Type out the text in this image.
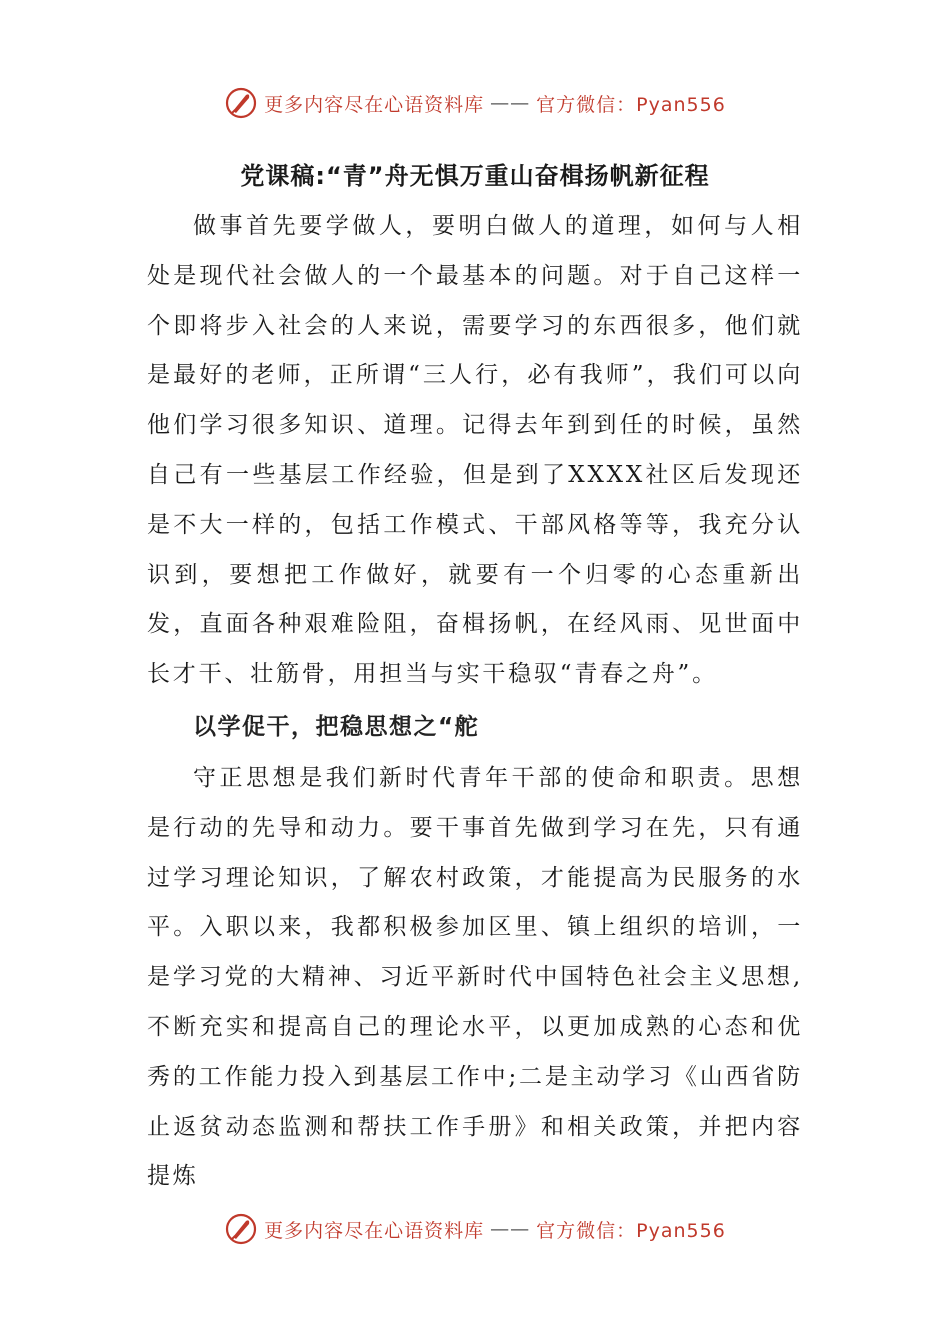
更多内容尽在心语资料库 —— 官方微信：Pyan556
党课稿:“青”舟无惧万重山奋楫扬帆新征程

做事首先要学做人，要明白做人的道理，如何与人相处是现代社会做人的一个最基本的问题。对于自己这样一个即将步入社会的人来说，需要学习的东西很多，他们就是最好的老师，正所谓“三人行，必有我师”，我们可以向他们学习很多知识、道理。记得去年到到任的时候，虽然自己有一些基层工作经验，但是到了XXXX社区后发现还是不大一样的，包括工作模式、干部风格等等，我充分认识到，要想把工作做好，就要有一个归零的心态重新出发，直面各种艰难险阻，奋楫扬帆，在经风雨、见世面中长才干、壮筋骨，用担当与实干稳驭“青春之舟”。

以学促干，把稳思想之“舵

守正思想是我们新时代青年干部的使命和职责。思想是行动的先导和动力。要干事首先做到学习在先，只有通过学习理论知识，了解农村政策，才能提高为民服务的水平。入职以来，我都积极参加区里、镇上组织的培训，一是学习党的大精神、习近平新时代中国特色社会主义思想,不断充实和提高自己的理论水平，以更加成熟的心态和优秀的工作能力投入到基层工作中;二是主动学习《山西省防止返贫动态监测和帮扶工作手册》和相关政策，并把内容提炼

更多内容尽在心语资料库 —— 官方微信：Pyan556
